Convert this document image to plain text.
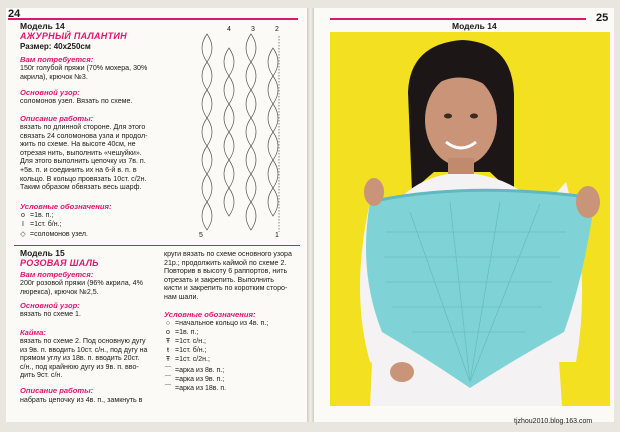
24
Модель 14
АЖУРНЫЙ ПАЛАНТИН
Размер: 40х250см
Вам потребуется:
150г голубой пряжи (70% мохера, 30%
акрила), крючок №3.
Основной узор:
соломонов узел. Вязать по схеме.
Описание работы:
вязать по длинной стороне. Для этого
связать 24 соломонова узла и продол-
жить по схеме. На высоте 40см, не
отрезая нить, выполнить «чешуйки».
Для этого выполнить цепочку из 7в. п.
+5в. п. и соединить их на 6-й в. п. в
кольцо. В кольцо провязать 10ст. с/2н.
Таким образом обвязать весь шарф.
Условные обозначения:
o =1в. п.;
I =1ст. б/н.;
◇ =соломонов узел.
4	3	2
5	1
Модель 15
РОЗОВАЯ ШАЛЬ
Вам потребуется:
200г розовой пряжи (96% акрила, 4%
люрекса), крючок №2,5.
Основной узор:
вязать по схеме 1.
Кайма:
вязать по схеме 2. Под основную дугу
из 9в. п. вводить 10ст. с/н., под дугу на
прямом углу из 18в. п. вводить 20ст.
с/н., под крайнюю дугу из 9в. п. вво-
дить 9ст. с/н.
Описание работы:
набрать цепочку из 4в. п., замкнуть в
круги вязать по схеме основного узора
21р.; продолжить каймой по схеме 2.
Повторив в высоту 6 раппортов, нить
отрезать и закрепить. Выполнить
кисти и закрепить по коротким сторо-
нам шали.
Условные обозначения:
○ =начальное кольцо из 4в. п.;
o =1в. п.;
Ŧ =1ст. с/н.;
ŧ =1ст. б/н.;
Ŧ =1ст. с/2н.;
⌒ =арка из 8в. п.;
⌒ =арка из 9в. п.;
⌒ =арка из 18в. п.
Модель 14
25
tjzhou2010.blog.163.com
